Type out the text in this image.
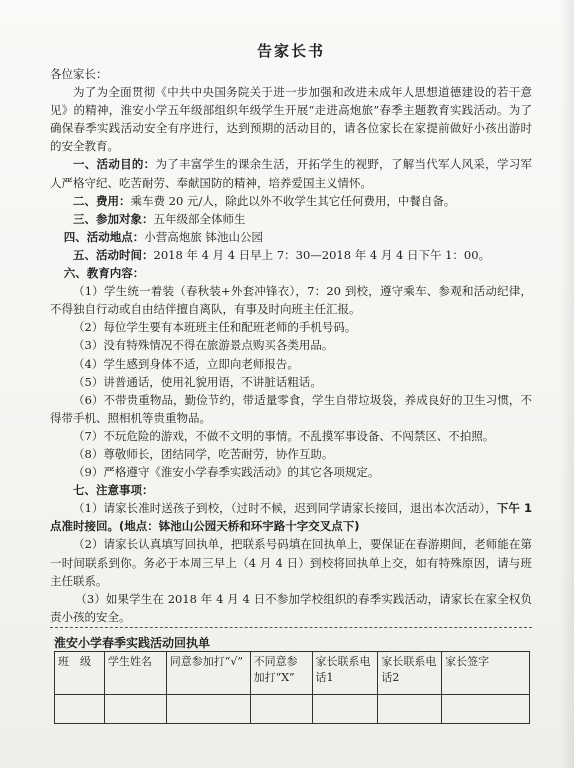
告家长书

各位家长：

为了为全面贯彻《中共中央国务院关于进一步加强和改进未成年人思想道德建设的若干意见》的精神，淮安小学五年级部组织年级学生开展“走进高炮旅”春季主题教育实践活动。为了确保春季实践活动安全有序进行，达到预期的活动目的，请各位家长在家提前做好小孩出游时的安全教育。

一、活动目的：为了丰富学生的课余生活，开拓学生的视野，了解当代军人风采，学习军人严格守纪、吃苦耐劳、奉献国防的精神，培养爱国主义情怀。

二、费用：乘车费 20 元/人，除此以外不收学生其它任何费用，中餐自备。

三、参加对象：五年级部全体师生

四、活动地点：小营高炮旅 钵池山公园

五、活动时间：2018 年 4 月 4 日早上 7：30—2018 年 4 月 4 日下午 1：00。

六、教育内容：

（1）学生统一着装（春秋装+外套冲锋衣），7：20 到校，遵守乘车、参观和活动纪律，不得独自行动或自由结伴擅自离队，有事及时向班主任汇报。

（2）每位学生要有本班班主任和配班老师的手机号码。

（3）没有特殊情况不得在旅游景点购买各类用品。

（4）学生感到身体不适，立即向老师报告。

（5）讲普通话，使用礼貌用语，不讲脏话粗话。

（6）不带贵重物品，勤俭节约，带适量零食，学生自带垃圾袋，养成良好的卫生习惯，不得带手机、照相机等贵重物品。

（7）不玩危险的游戏，不做不文明的事情。不乱摸军事设备、不闯禁区、不拍照。

（8）尊敬师长，团结同学，吃苦耐劳，协作互助。

（9）严格遵守《淮安小学春季实践活动》的其它各项规定。

七、注意事项：

（1）请家长准时送孩子到校，（过时不候，迟到同学请家长接回，退出本次活动），下午 1 点准时接回。(地点：钵池山公园天桥和环宇路十字交叉点下)

（2）请家长认真填写回执单，把联系号码填在回执单上，要保证在春游期间，老师能在第一时间联系到你。务必于本周三早上（4 月 4 日）到校将回执单上交，如有特殊原因，请与班主任联系。

（3）如果学生在 2018 年 4 月 4 日不参加学校组织的春季实践活动，请家长在家全权负责小孩的安全。

淮安小学春季实践活动回执单
班　级	学生姓名	同意参加打“√”	不同意参加打“X”	家长联系电话1	家长联系电话2	家长签字
